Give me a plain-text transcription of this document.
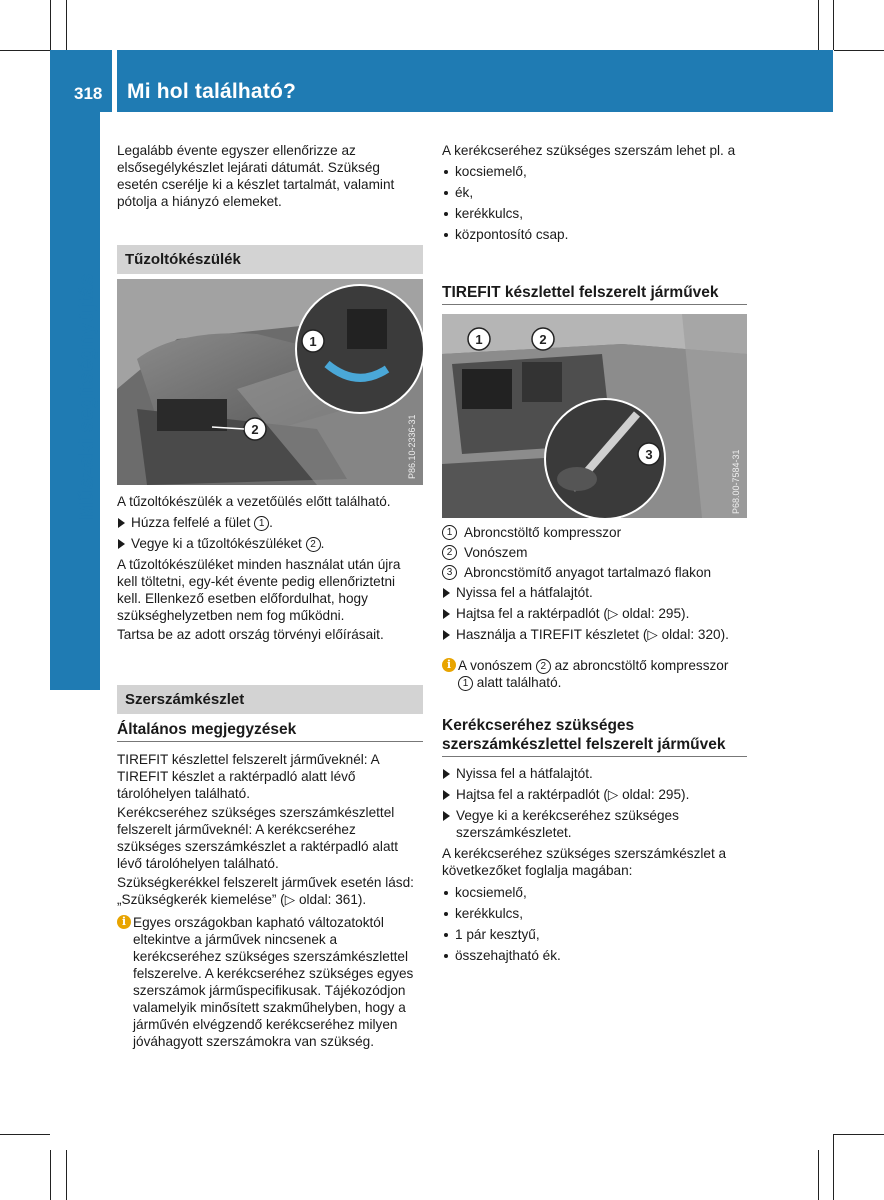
318 Mi hol található?
Műszaki segítségnyújtás

Legalább évente egyszer ellenőrizze az elsősegélykészlet lejárati dátumát. Szükség esetén cserélje ki a készlet tartalmát, valamint pótolja a hiányzó elemeket.

Tűzoltókészülék
1
2	P86.10-2336-31

A tűzoltókészülék a vezetőülés előtt található.

Húzza felfelé a fület 1 .

Vegye ki a tűzoltókészüléket 2 .

A tűzoltókészüléket minden használat után újra kell töltetni, egy-két évente pedig ellenőriztetni kell. Ellenkező esetben előfordulhat, hogy szükséghelyzetben nem fog működni.

Tartsa be az adott ország törvényi előírásait.

Szerszámkészlet
Általános megjegyzések

TIREFIT készlettel felszerelt járműveknél: A TIREFIT készlet a raktérpadló alatt lévő tárolóhelyen található.

Kerékcseréhez szükséges szerszámkészlettel felszerelt járműveknél: A kerékcseréhez szükséges szerszámkészlet a raktérpadló alatt lévő tárolóhelyen található.

Szükségkerékkel felszerelt járművek esetén lásd: „Szükségkerék kiemelése” (▷ oldal: 361).

i Egyes országokban kapható változatoktól eltekintve a járművek nincsenek a kerékcseréhez szükséges szerszámkészlettel felszerelve. A kerékcseréhez szükséges egyes szerszámok járműspecifikusak. Tájékozódjon valamelyik minősített szakműhelyben, hogy a járművén elvégzendő kerékcseréhez milyen jóváhagyott szerszámokra van szükség.

A kerékcseréhez szükséges szerszám lehet pl. a

kocsiemelő,

ék,

kerékkulcs,

központosító csap.

TIREFIT készlettel felszerelt járművek
1	2
3	P68.00-7584-31

1 Abroncstöltő kompresszor

2 Vonószem

3 Abroncstömítő anyagot tartalmazó flakon

Nyissa fel a hátfalajtót.

Hajtsa fel a raktérpadlót (▷ oldal: 295).

Használja a TIREFIT készletet (▷ oldal: 320).

i A vonószem 2 az abroncstöltő kompresszor 1 alatt található.

Kerékcseréhez szükséges szerszámkészlettel felszerelt járművek

Nyissa fel a hátfalajtót.

Hajtsa fel a raktérpadlót (▷ oldal: 295).

Vegye ki a kerékcseréhez szükséges szerszámkészletet.

A kerékcseréhez szükséges szerszámkészlet a következőket foglalja magában:

kocsiemelő,

kerékkulcs,

1 pár kesztyű,

összehajtható ék.
